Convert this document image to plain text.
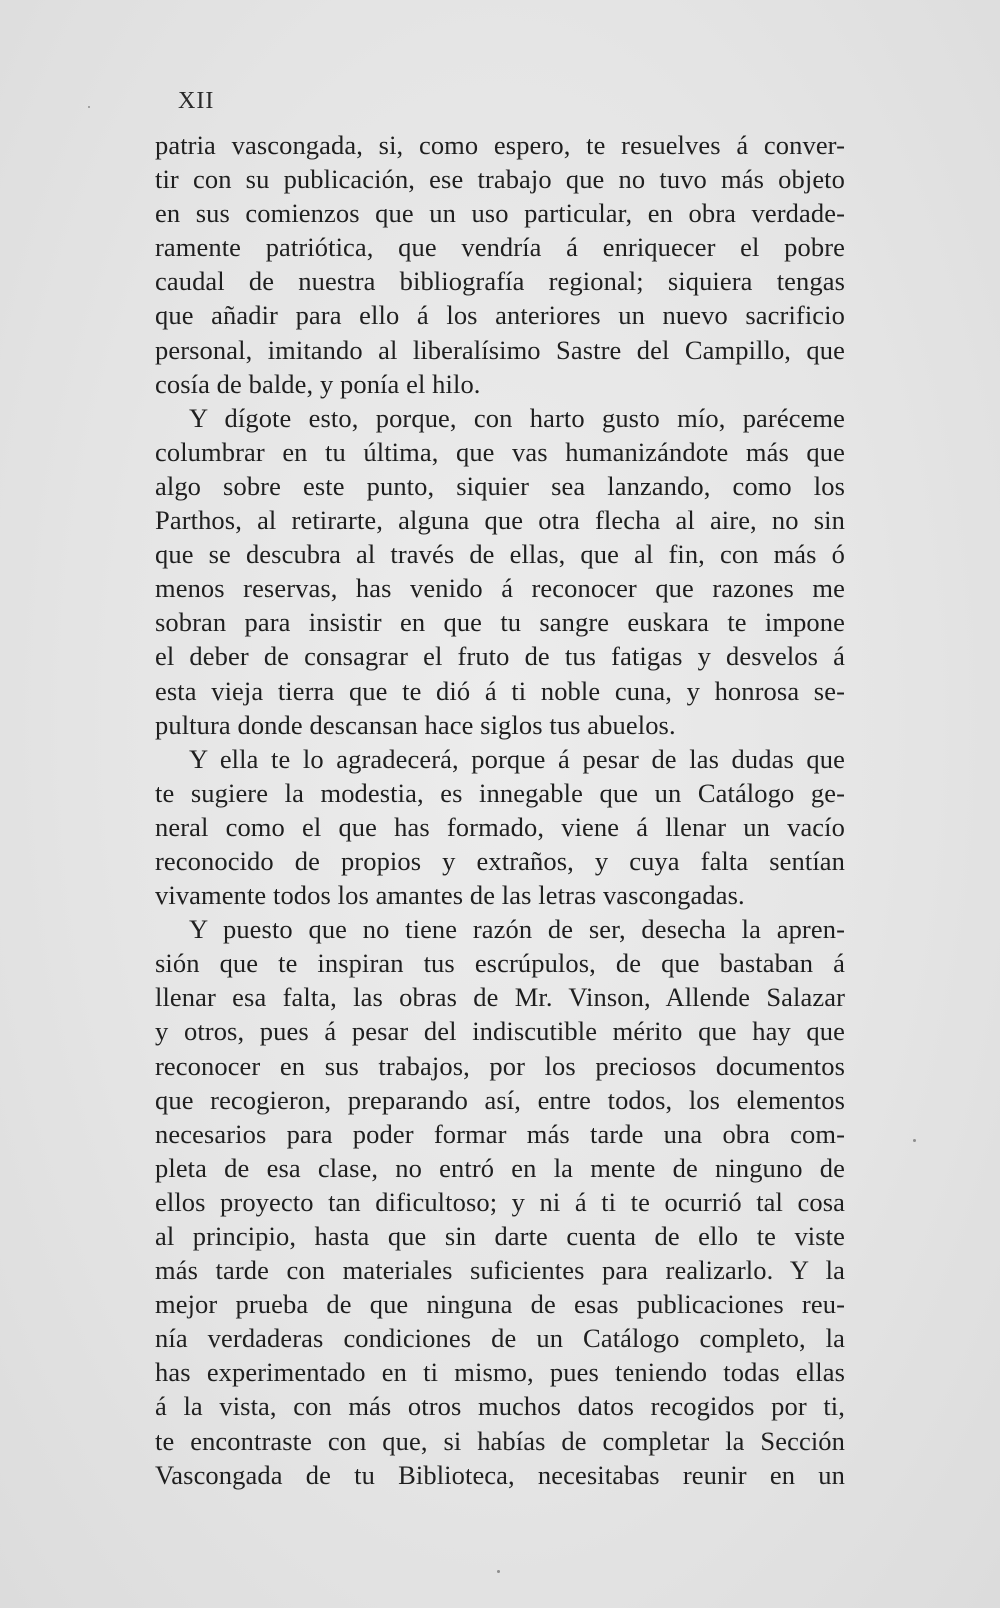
XII
patria vascongada, si, como espero, te resuelves á conver-
tir con su publicación, ese trabajo que no tuvo más objeto
en sus comienzos que un uso particular, en obra verdade-
ramente patriótica, que vendría á enriquecer el pobre
caudal de nuestra bibliografía regional; siquiera tengas
que añadir para ello á los anteriores un nuevo sacrificio
personal, imitando al liberalísimo Sastre del Campillo, que
cosía de balde, y ponía el hilo.
Y dígote esto, porque, con harto gusto mío, paréceme
columbrar en tu última, que vas humanizándote más que
algo sobre este punto, siquier sea lanzando, como los
Parthos, al retirarte, alguna que otra flecha al aire, no sin
que se descubra al través de ellas, que al fin, con más ó
menos reservas, has venido á reconocer que razones me
sobran para insistir en que tu sangre euskara te impone
el deber de consagrar el fruto de tus fatigas y desvelos á
esta vieja tierra que te dió á ti noble cuna, y honrosa se-
pultura donde descansan hace siglos tus abuelos.
Y ella te lo agradecerá, porque á pesar de las dudas que
te sugiere la modestia, es innegable que un Catálogo ge-
neral como el que has formado, viene á llenar un vacío
reconocido de propios y extraños, y cuya falta sentían
vivamente todos los amantes de las letras vascongadas.
Y puesto que no tiene razón de ser, desecha la apren-
sión que te inspiran tus escrúpulos, de que bastaban á
llenar esa falta, las obras de Mr. Vinson, Allende Salazar
y otros, pues á pesar del indiscutible mérito que hay que
reconocer en sus trabajos, por los preciosos documentos
que recogieron, preparando así, entre todos, los elementos
necesarios para poder formar más tarde una obra com-
pleta de esa clase, no entró en la mente de ninguno de
ellos proyecto tan dificultoso; y ni á ti te ocurrió tal cosa
al principio, hasta que sin darte cuenta de ello te viste
más tarde con materiales suficientes para realizarlo. Y la
mejor prueba de que ninguna de esas publicaciones reu-
nía verdaderas condiciones de un Catálogo completo, la
has experimentado en ti mismo, pues teniendo todas ellas
á la vista, con más otros muchos datos recogidos por ti,
te encontraste con que, si habías de completar la Sección
Vascongada de tu Biblioteca, necesitabas reunir en un
